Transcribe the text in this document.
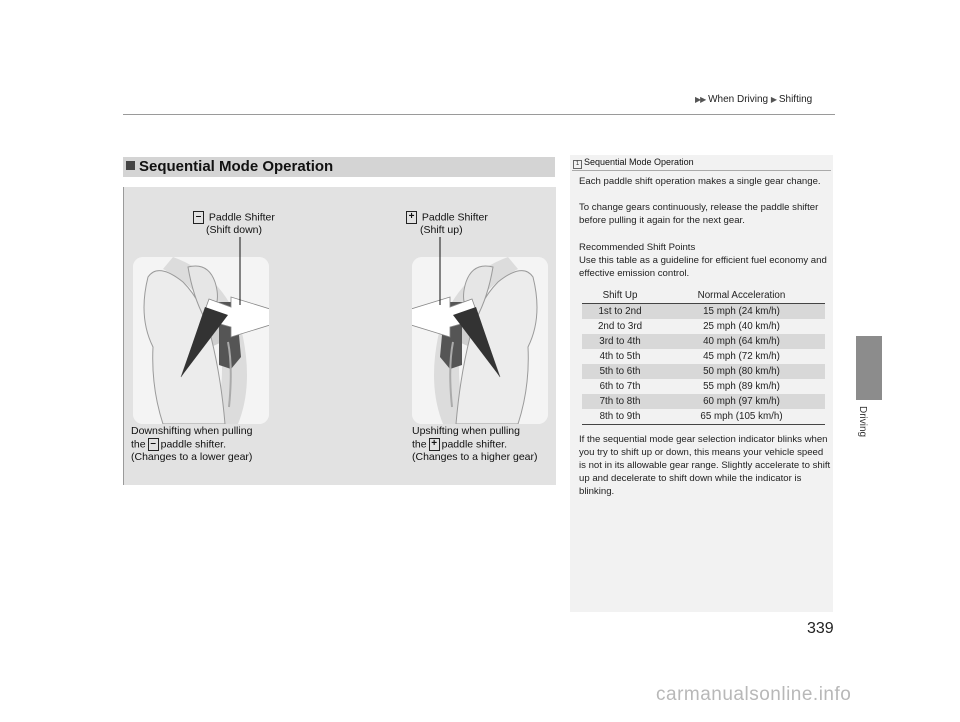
▶▶ When Driving ▶ Shifting
Driving
Sequential Mode Operation
– Paddle Shifter
(Shift down)
+ Paddle Shifter
(Shift up)
Downshifting when pulling
the – paddle shifter.
(Changes to a lower gear)
Upshifting when pulling
the + paddle shifter.
(Changes to a higher gear)
1 Sequential Mode Operation
Each paddle shift operation makes a single gear change.
To change gears continuously, release the paddle shifter before pulling it again for the next gear.
Recommended Shift Points
Use this table as a guideline for efficient fuel economy and effective emission control.
Shift Up	Normal Acceleration
1st to 2nd	15 mph (24 km/h)
2nd to 3rd	25 mph (40 km/h)
3rd to 4th	40 mph (64 km/h)
4th to 5th	45 mph (72 km/h)
5th to 6th	50 mph (80 km/h)
6th to 7th	55 mph (89 km/h)
7th to 8th	60 mph (97 km/h)
8th to 9th	65 mph (105 km/h)
If the sequential mode gear selection indicator blinks when you try to shift up or down, this means your vehicle speed is not in its allowable gear range. Slightly accelerate to shift up and decelerate to shift down while the indicator is blinking.
339
carmanualsonline.info
